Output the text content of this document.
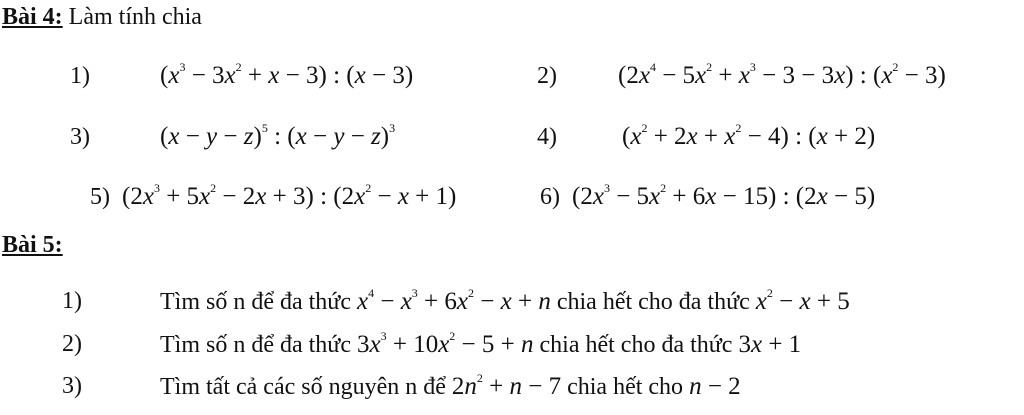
Bài 4: Làm tính chia
1)	$(x^3 - 3x^2 + x - 3)$ : (x − 3)	2) $(2x^4 - 5x^2 + x^3 - 3 - 3x)$ : $(x^2 - 3)$
3)	$(x - y - z)^5$ : $(x - y - z)^3$	4)	$(x^2 + 2x + x^2 - 4)$ : (x + 2)
5) $(2x^3 + 5x^2 - 2x + 3)$ : $(2x^2 - x + 1)$	6) $(2x^3 - 5x^2 + 6x - 15)$ : (2x − 5)
Bài 5:
1)	Tìm số n để đa thức $x^4 - x^3 + 6x^2 - x + n$ chia hết cho đa thức $x^2 - x + 5$
2)	Tìm số n để đa thức $3x^3 + 10x^2 - 5 + n$ chia hết cho đa thức 3x + 1
3)	Tìm tất cả các số nguyên n để $2n^2 + n - 7$ chia hết cho n − 2
